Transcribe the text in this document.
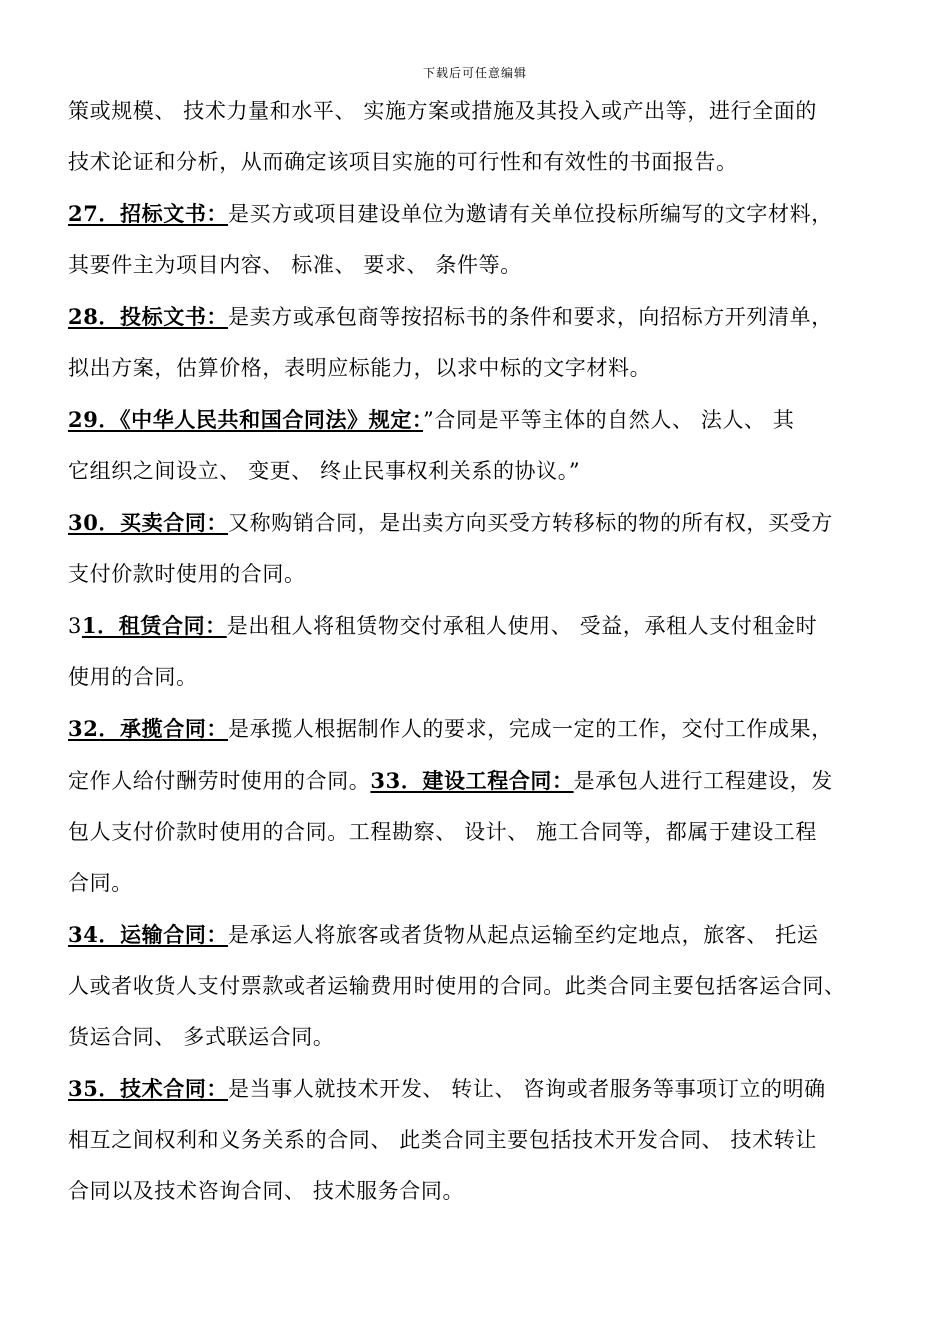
下载后可任意编辑

策或规模、 技术力量和水平、 实施方案或措施及其投入或产出等，进行全面的

技术论证和分析，从而确定该项目实施的可行性和有效性的书面报告。

27．招标文书：是买方或项目建设单位为邀请有关单位投标所编写的文字材料，

其要件主为项目内容、 标准、 要求、 条件等。

28．投标文书：是卖方或承包商等按招标书的条件和要求，向招标方开列清单，

拟出方案，估算价格，表明应标能力，以求中标的文字材料。

29．《中华人民共和国合同法》规定：”合同是平等主体的自然人、 法人、 其

它组织之间设立、 变更、 终止民事权利关系的协议。”

30．买卖合同：又称购销合同，是出卖方向买受方转移标的物的所有权，买受方

支付价款时使用的合同。

31．租赁合同：是出租人将租赁物交付承租人使用、 受益，承租人支付租金时

使用的合同。

32．承揽合同：是承揽人根据制作人的要求，完成一定的工作，交付工作成果，

定作人给付酬劳时使用的合同。33．建设工程合同：是承包人进行工程建设，发

包人支付价款时使用的合同。工程勘察、 设计、 施工合同等，都属于建设工程

合同。

34．运输合同：是承运人将旅客或者货物从起点运输至约定地点，旅客、 托运

人或者收货人支付票款或者运输费用时使用的合同。此类合同主要包括客运合同、

货运合同、 多式联运合同。

35．技术合同：是当事人就技术开发、 转让、 咨询或者服务等事项订立的明确

相互之间权利和义务关系的合同、 此类合同主要包括技术开发合同、 技术转让

合同以及技术咨询合同、 技术服务合同。
